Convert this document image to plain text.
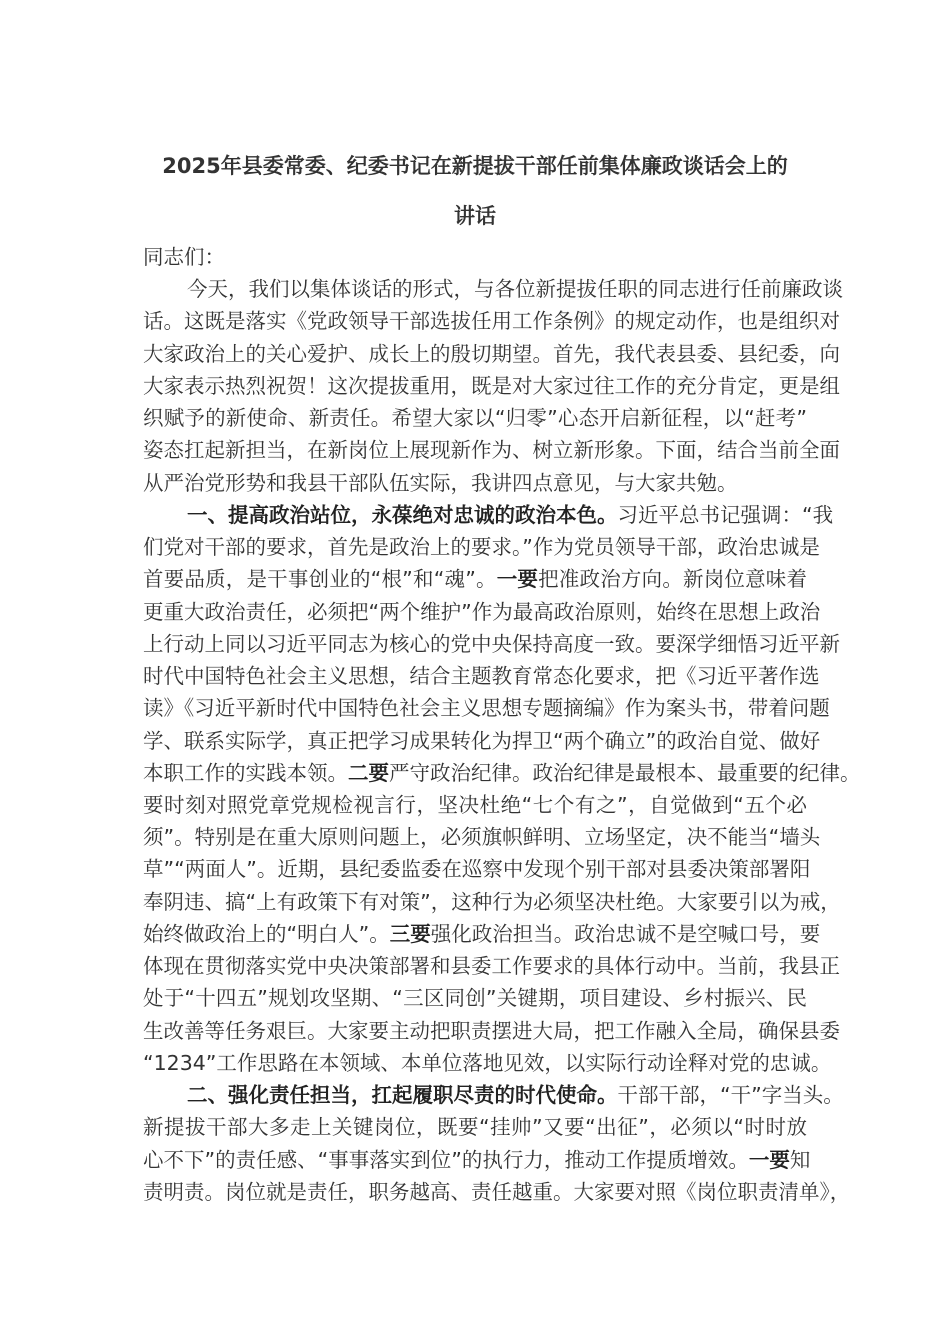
2025年县委常委、纪委书记在新提拔干部任前集体廉政谈话会上的
讲话
同志们：
今天，我们以集体谈话的形式，与各位新提拔任职的同志进行任前廉政谈
话。这既是落实《党政领导干部选拔任用工作条例》的规定动作，也是组织对
大家政治上的关心爱护、成长上的殷切期望。首先，我代表县委、县纪委，向
大家表示热烈祝贺！这次提拔重用，既是对大家过往工作的充分肯定，更是组
织赋予的新使命、新责任。希望大家以“归零”心态开启新征程，以“赶考”
姿态扛起新担当，在新岗位上展现新作为、树立新形象。下面，结合当前全面
从严治党形势和我县干部队伍实际，我讲四点意见，与大家共勉。
一、提高政治站位，永葆绝对忠诚的政治本色。习近平总书记强调：“我
们党对干部的要求，首先是政治上的要求。”作为党员领导干部，政治忠诚是
首要品质，是干事创业的“根”和“魂”。一要把准政治方向。新岗位意味着
更重大政治责任，必须把“两个维护”作为最高政治原则，始终在思想上政治
上行动上同以习近平同志为核心的党中央保持高度一致。要深学细悟习近平新
时代中国特色社会主义思想，结合主题教育常态化要求，把《习近平著作选
读》《习近平新时代中国特色社会主义思想专题摘编》作为案头书，带着问题
学、联系实际学，真正把学习成果转化为捍卫“两个确立”的政治自觉、做好
本职工作的实践本领。二要严守政治纪律。政治纪律是最根本、最重要的纪律。
要时刻对照党章党规检视言行，坚决杜绝“七个有之”，自觉做到“五个必
须”。特别是在重大原则问题上，必须旗帜鲜明、立场坚定，决不能当“墙头
草”“两面人”。近期，县纪委监委在巡察中发现个别干部对县委决策部署阳
奉阴违、搞“上有政策下有对策”，这种行为必须坚决杜绝。大家要引以为戒，
始终做政治上的“明白人”。三要强化政治担当。政治忠诚不是空喊口号，要
体现在贯彻落实党中央决策部署和县委工作要求的具体行动中。当前，我县正
处于“十四五”规划攻坚期、“三区同创”关键期，项目建设、乡村振兴、民
生改善等任务艰巨。大家要主动把职责摆进大局，把工作融入全局，确保县委
“1234”工作思路在本领域、本单位落地见效，以实际行动诠释对党的忠诚。
二、强化责任担当，扛起履职尽责的时代使命。干部干部，“干”字当头。
新提拔干部大多走上关键岗位，既要“挂帅”又要“出征”，必须以“时时放
心不下”的责任感、“事事落实到位”的执行力，推动工作提质增效。一要知
责明责。岗位就是责任，职务越高、责任越重。大家要对照《岗位职责清单》，
